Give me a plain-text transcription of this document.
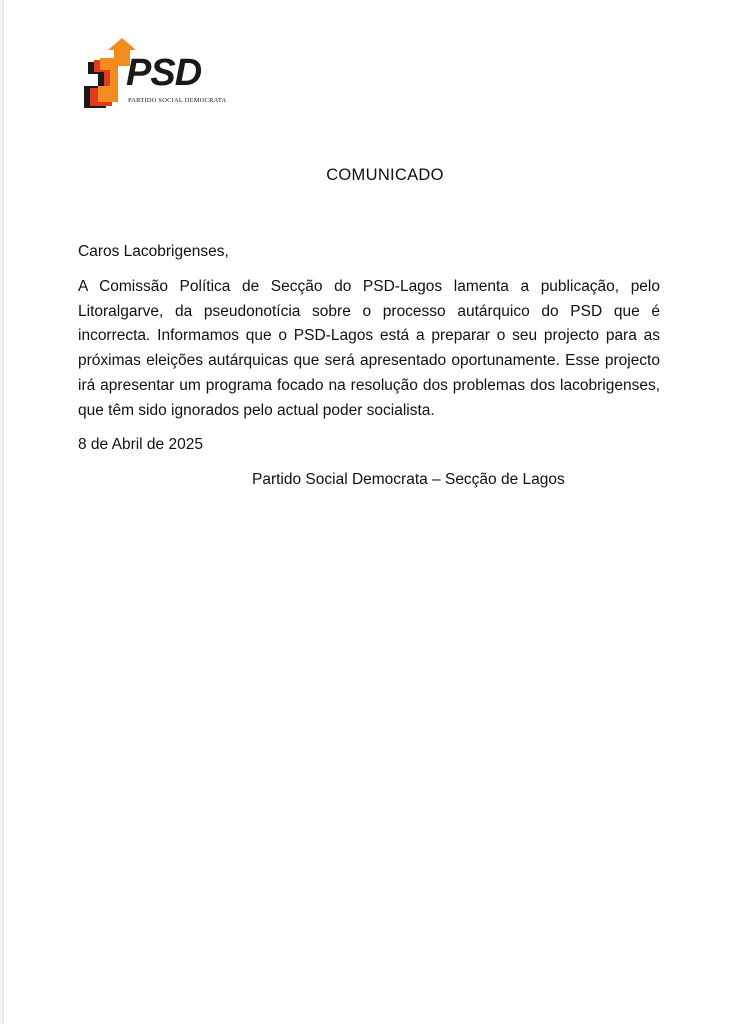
PSD
PARTIDO SOCIAL DEMOCRATA
COMUNICADO

Caros Lacobrigenses,

A Comissão Política de Secção do PSD-Lagos lamenta a publicação, pelo Litoralgarve, da pseudonotícia sobre o processo autárquico do PSD que é incorrecta. Informamos que o PSD-Lagos está a preparar o seu projecto para as próximas eleições autárquicas que será apresentado oportunamente. Esse projecto irá apresentar um programa focado na resolução dos problemas dos lacobrigenses, que têm sido ignorados pelo actual poder socialista.

8 de Abril de 2025
Partido Social Democrata – Secção de Lagos
